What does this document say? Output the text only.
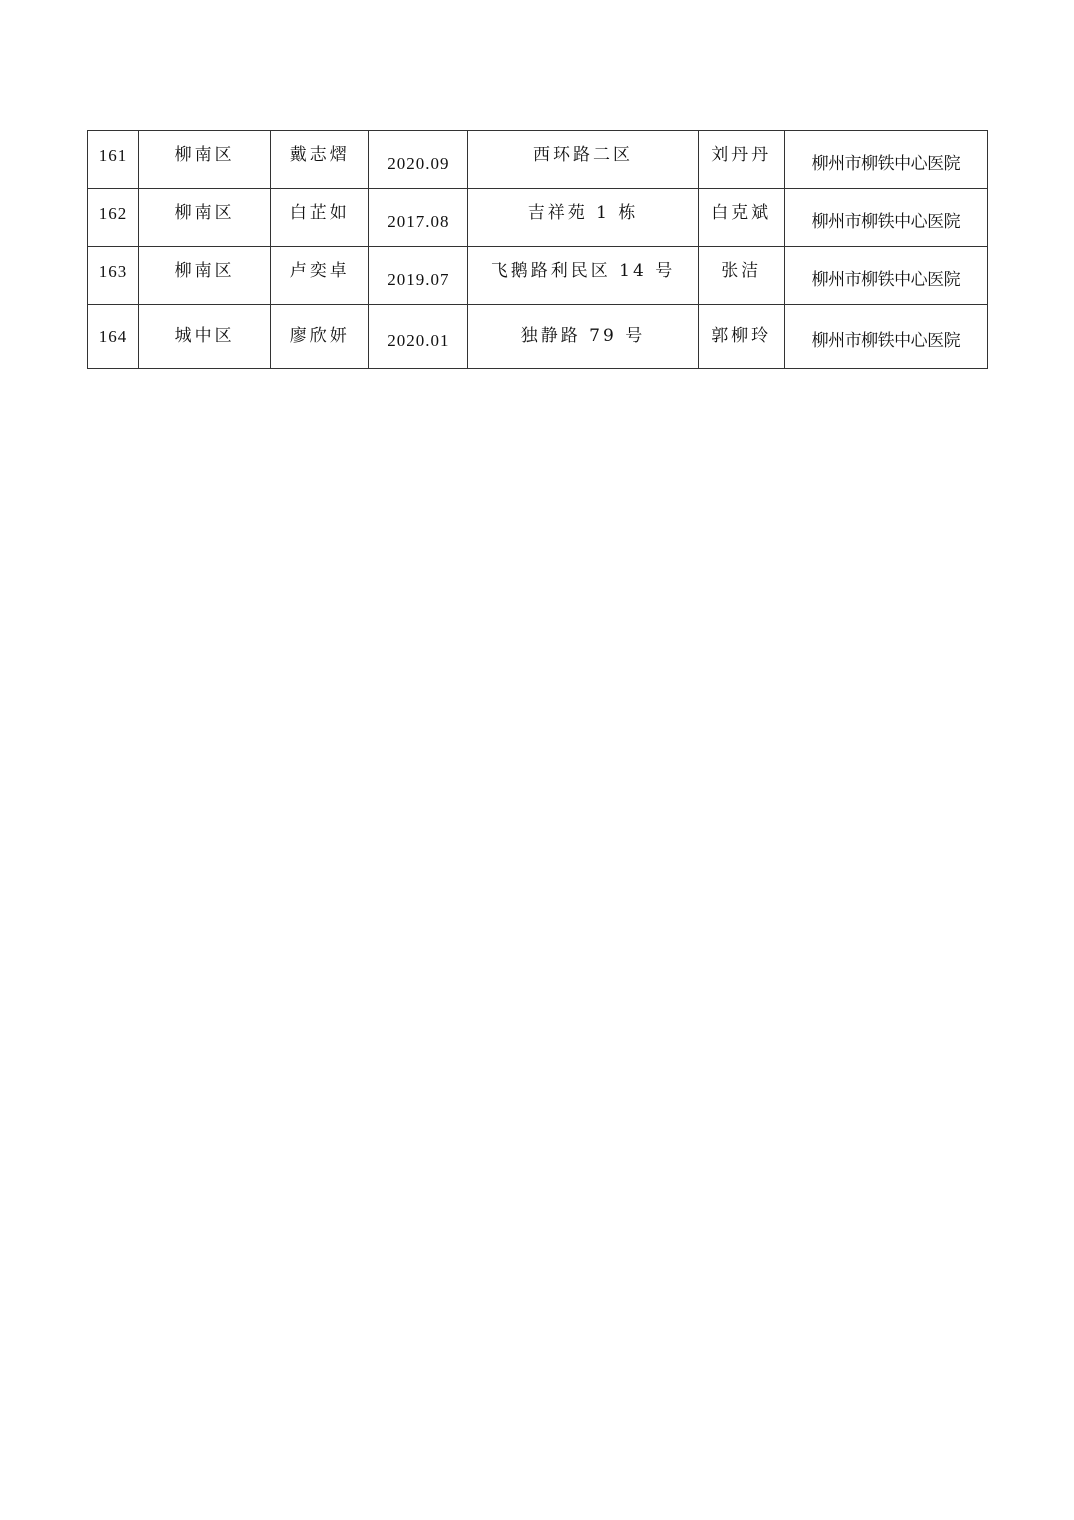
161	柳南区	戴志熠	2020.09	西环路二区	刘丹丹	柳州市柳铁中心医院
162	柳南区	白芷如	2017.08	吉祥苑 1 栋	白克斌	柳州市柳铁中心医院
163	柳南区	卢奕卓	2019.07	飞鹅路利民区 14 号	张洁	柳州市柳铁中心医院
164	城中区	廖欣妍	2020.01	独静路 79 号	郭柳玲	柳州市柳铁中心医院
